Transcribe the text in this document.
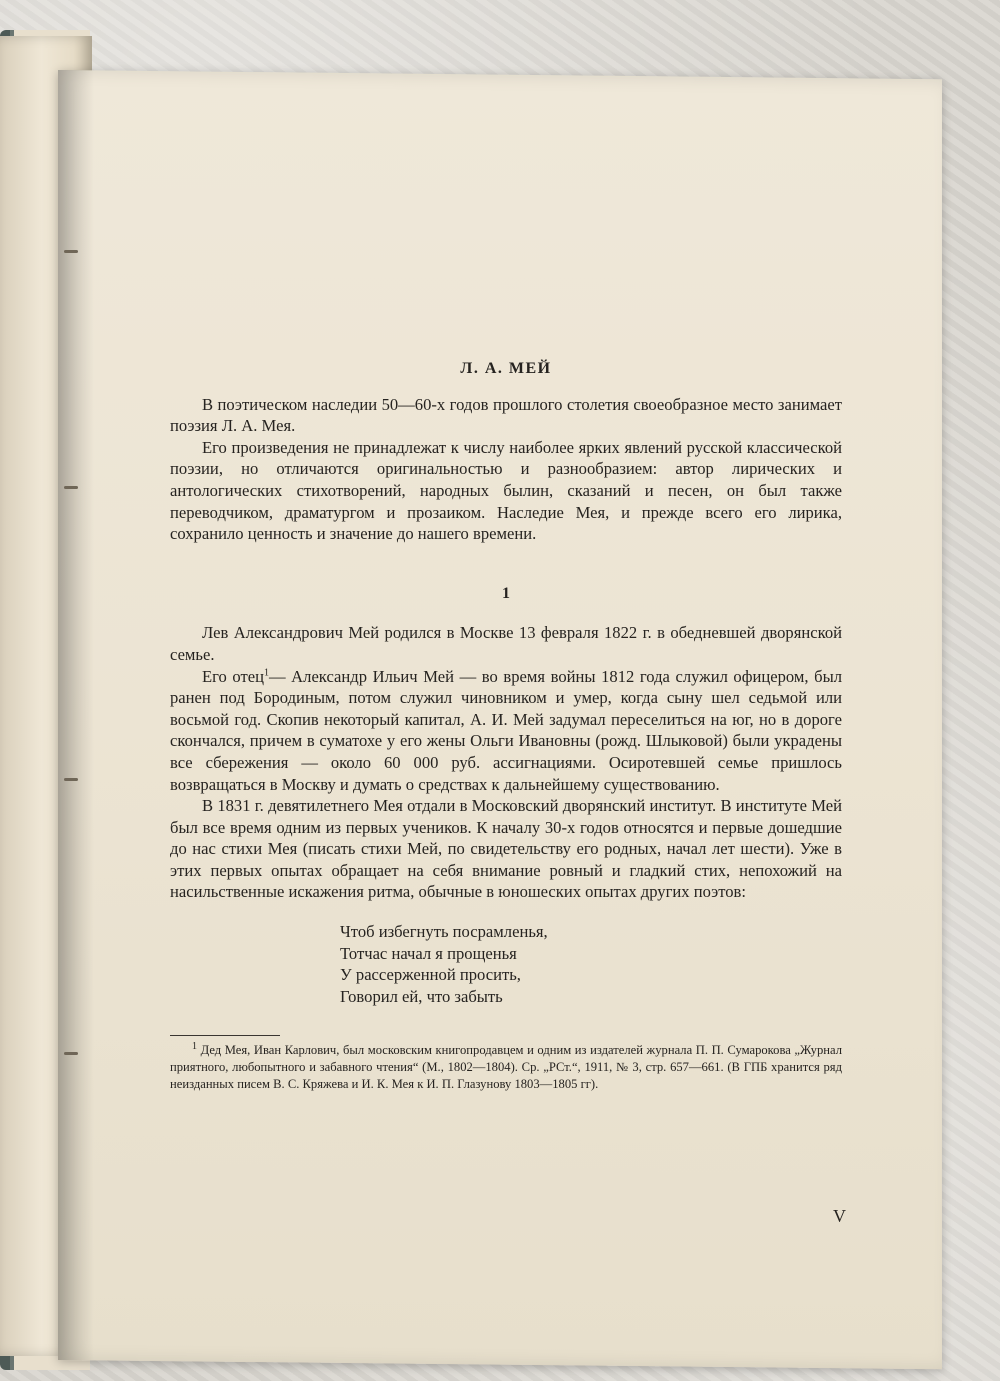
Л. А. МЕЙ

В поэтическом наследии 50—60-х годов прошлого столетия своеобразное место занимает поэзия Л. А. Мея.

Его произведения не принадлежат к числу наиболее ярких явлений русской классической поэзии, но отличаются оригинальностью и разнообразием: автор лирических и антологических стихотворений, народных былин, сказаний и песен, он был также переводчиком, драматургом и прозаиком. Наследие Мея, и прежде всего его лирика, сохранило ценность и значение до нашего времени.

1

Лев Александрович Мей родился в Москве 13 февраля 1822 г. в обедневшей дворянской семье.

Его отец$^1$— Александр Ильич Мей — во время войны 1812 года служил офицером, был ранен под Бородиным, потом служил чиновником и умер, когда сыну шел седьмой или восьмой год. Скопив некоторый капитал, А. И. Мей задумал переселиться на юг, но в дороге скончался, причем в суматохе у его жены Ольги Ивановны (рожд. Шлыковой) были украдены все сбережения — около 60 000 руб. ассигнациями. Осиротевшей семье пришлось возвращаться в Москву и думать о средствах к дальнейшему существованию.

В 1831 г. девятилетнего Мея отдали в Московский дворянский институт. В институте Мей был все время одним из первых учеников. К началу 30-х годов относятся и первые дошедшие до нас стихи Мея (писать стихи Мей, по свидетельству его родных, начал лет шести). Уже в этих первых опытах обращает на себя внимание ровный и гладкий стих, непохожий на насильственные искажения ритма, обычные в юношеских опытах других поэтов:

Чтоб избегнуть посрамленья,
Тотчас начал я прощенья
У рассерженной просить,
Говорил ей, что забыть

$^1$ Дед Мея, Иван Карлович, был московским книгопродавцем и одним из издателей журнала П. П. Сумарокова „Журнал приятного, любопытного и забавного чтения“ (М., 1802—1804). Ср. „РСт.“, 1911, № 3, стр. 657—661. (В ГПБ хранится ряд неизданных писем В. С. Кряжева и И. К. Мея к И. П. Глазунову 1803—1805 гг).

V
